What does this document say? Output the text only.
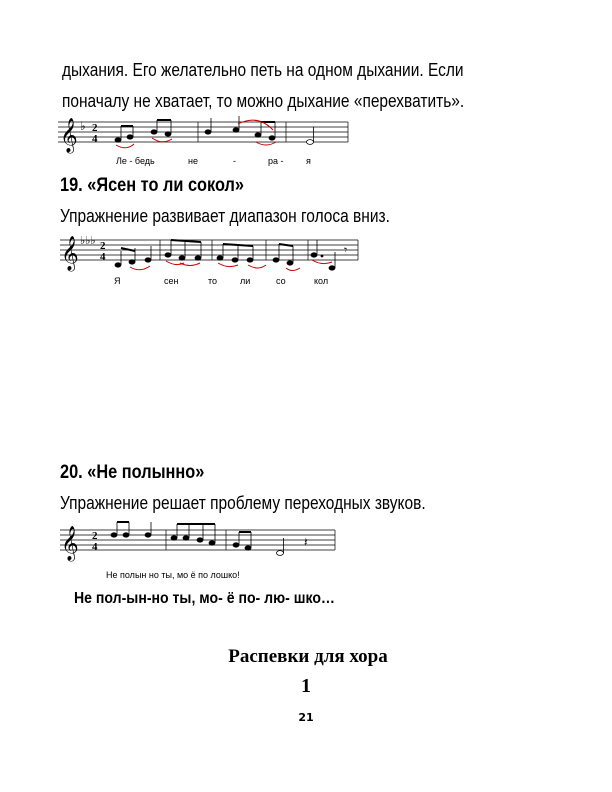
дыхания. Его желательно петь на одном дыхании. Если

поначалу не хватает, то можно дыхание «перехватить».

𝄞 ♭ 2
4
Ле - бедь	не	-	ра - я

19. «Ясен то ли сокол»

Упражнение развивает диапазон голоса вниз.

𝄞 ♭♭♭ 2
4	𝄾
Я	сен	то	ли	со	кол

20. «Не полынно»

Упражнение решает проблему переходных звуков.

𝄞 2
4	𝄽
Не полын но ты, мо ё по лошко!

Не пол-ын-но ты, мо- ё по- лю- шко…

Распевки для хора

1

21
